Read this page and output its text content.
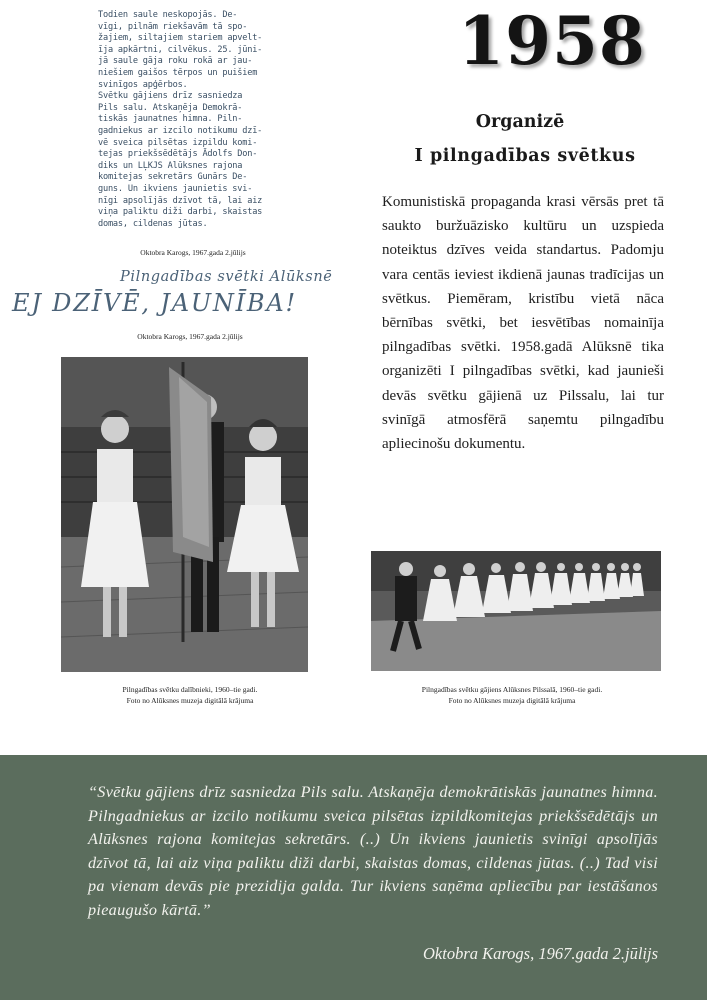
Todien saule neskopojās. De-
vīgi, pilnām riekšavām tā spo-
žajiem, siltajiem stariem apvelt-
īja apkārtni, cilvēkus. 25. jūni-
jā saule gāja roku rokā ar jau-
niešiem gaišos tērpos un puišiem
svinīgos apģērbos.
Svētku gājiens drīz sasniedza
Pils salu. Atskaņēja Demokrā-
tiskās jaunatnes himna. Piln-
gadniekus ar izcilo notikumu dzī-
vē sveica pilsētas izpildu komi-
tejas priekšsēdētājs Ādolfs Don-
diks un LĻKJS Alūksnes rajona
komitejas sekretārs Gunārs De-
guns. Un ikviens jaunietis svi-
nīgi apsolījās dzīvot tā, lai aiz
viņa paliktu diži darbi, skaistas
domas, cildenas jūtas.
Oktobra Karogs, 1967.gada 2.jūlijs
Pilngadības svētki Alūksnē
EJ DZĪVĒ, JAUNĪBA!
Oktobra Karogs, 1967.gada 2.jūlijs
1958
Organizē
I pilngadības svētkus
Komunistiskā propaganda krasi vērsās pret tā saukto buržuāzisko kultūru un uzspieda noteiktus dzīves veida standartus. Padomju vara centās ieviest ikdienā jaunas tradīcijas un svētkus. Piemēram, kristību vietā nāca bērnības svētki, bet iesvētības nomainīja pilngadības svētki. 1958.gadā Alūksnē tika organizēti I pilngadības svētki, kad jaunieši devās svētku gājienā uz Pilssalu, lai tur svinīgā atmosfērā saņemtu pilngadību apliecinošu dokumentu.
Pilngadības svētku dalībnieki, 1960–tie gadi.
Foto no Alūksnes muzeja digitālā krājuma
Pilngadības svētku gājiens Alūksnes Pilssalā, 1960–tie gadi.
Foto no Alūksnes muzeja digitālā krājuma
“Svētku gājiens drīz sasniedza Pils salu. Atskaņēja demokrātiskās jaunatnes himna. Pilngadniekus ar izcilo notikumu sveica pilsētas izpildkomitejas priekšsēdētājs un Alūksnes rajona komitejas sekretārs. (..) Un ikviens jaunietis svinīgi apsolījās dzīvot tā, lai aiz viņa paliktu diži darbi, skaistas domas, cildenas jūtas. (..) Tad visi pa vienam devās pie prezidija galda. Tur ikviens saņēma apliecību par iestāšanos pieaugušo kārtā.”
Oktobra Karogs, 1967.gada 2.jūlijs
